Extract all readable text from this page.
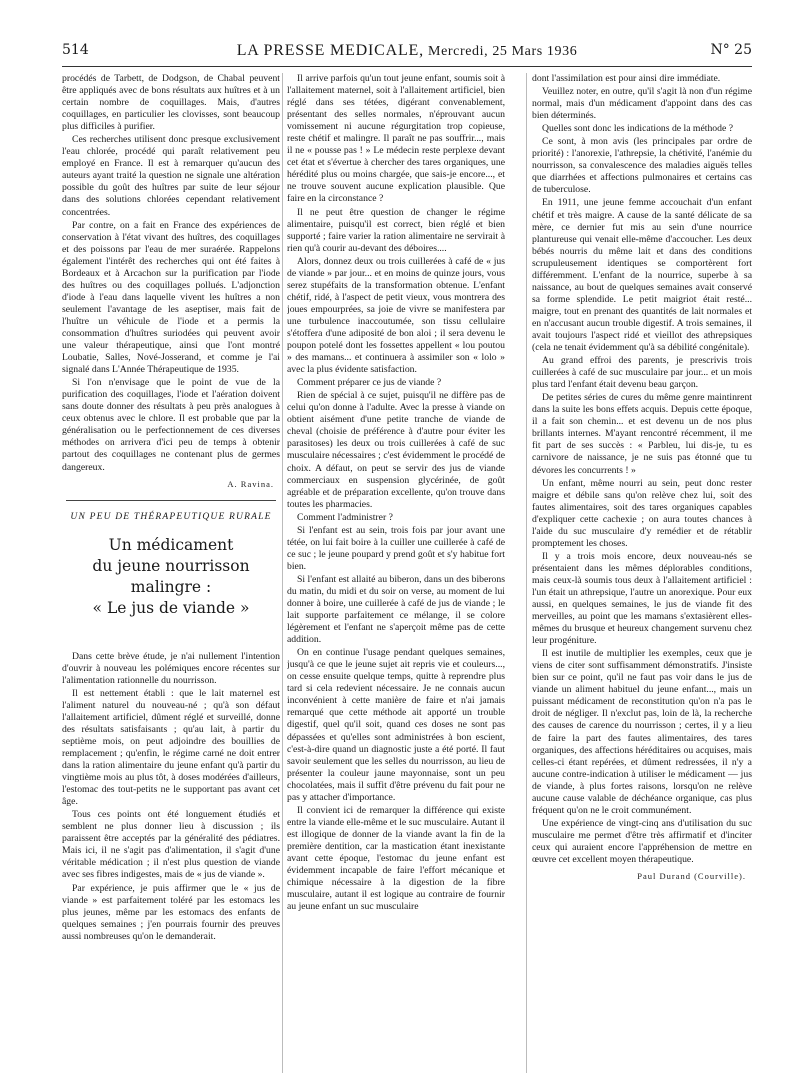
514	LA PRESSE MEDICALE, Mercredi, 25 Mars 1936	N° 25

procédés de Tarbett, de Dodgson, de Chabal peuvent être appliqués avec de bons résultats aux huîtres et à un certain nombre de coquillages. Mais, d'autres coquillages, en particulier les clovisses, sont beaucoup plus difficiles à purifier.

Ces recherches utilisent donc presque exclusivement l'eau chlorée, procédé qui paraît relativement peu employé en France. Il est à remarquer qu'aucun des auteurs ayant traité la question ne signale une altération possible du goût des huîtres par suite de leur séjour dans des solutions chlorées cependant relativement concentrées.

Par contre, on a fait en France des expériences de conservation à l'état vivant des huîtres, des coquillages et des poissons par l'eau de mer suraérée. Rappelons également l'intérêt des recherches qui ont été faites à Bordeaux et à Arcachon sur la purification par l'iode des huîtres ou des coquillages pollués. L'adjonction d'iode à l'eau dans laquelle vivent les huîtres a non seulement l'avantage de les aseptiser, mais fait de l'huître un véhicule de l'iode et a permis la consommation d'huîtres suriodées qui peuvent avoir une valeur thérapeutique, ainsi que l'ont montré Loubatie, Salles, Nové-Josserand, et comme je l'ai signalé dans L'Année Thérapeutique de 1935.

Si l'on n'envisage que le point de vue de la purification des coquillages, l'iode et l'aération doivent sans doute donner des résultats à peu près analogues à ceux obtenus avec le chlore. Il est probable que par la généralisation ou le perfectionnement de ces diverses méthodes on arrivera d'ici peu de temps à obtenir partout des coquillages ne contenant plus de germes dangereux.

A. Ravina.

UN PEU DE THÉRAPEUTIQUE RURALE
Un médicament
du jeune nourrisson malingre :
« Le jus de viande »

Dans cette brève étude, je n'ai nullement l'intention d'ouvrir à nouveau les polémiques encore récentes sur l'alimentation rationnelle du nourrisson.

Il est nettement établi : que le lait maternel est l'aliment naturel du nouveau-né ; qu'à son défaut l'allaitement artificiel, dûment réglé et surveillé, donne des résultats satisfaisants ; qu'au lait, à partir du septième mois, on peut adjoindre des bouillies de remplacement ; qu'enfin, le régime carné ne doit entrer dans la ration alimentaire du jeune enfant qu'à partir du vingtième mois au plus tôt, à doses modérées d'ailleurs, l'estomac des tout-petits ne le supportant pas avant cet âge.

Tous ces points ont été longuement étudiés et semblent ne plus donner lieu à discussion ; ils paraissent être acceptés par la généralité des pédiatres. Mais ici, il ne s'agit pas d'alimentation, il s'agit d'une véritable médication ; il n'est plus question de viande avec ses fibres indigestes, mais de « jus de viande ».

Par expérience, je puis affirmer que le « jus de viande » est parfaitement toléré par les estomacs les plus jeunes, même par les estomacs des enfants de quelques semaines ; j'en pourrais fournir des preuves aussi nombreuses qu'on le demanderait.

Il arrive parfois qu'un tout jeune enfant, soumis soit à l'allaitement maternel, soit à l'allaitement artificiel, bien réglé dans ses tétées, digérant convenablement, présentant des selles normales, n'éprouvant aucun vomissement ni aucune régurgitation trop copieuse, reste chétif et malingre. Il paraît ne pas souffrir..., mais il ne « pousse pas ! » Le médecin reste perplexe devant cet état et s'évertue à chercher des tares organiques, une hérédité plus ou moins chargée, que sais-je encore..., et ne trouve souvent aucune explication plausible. Que faire en la circonstance ?

Il ne peut être question de changer le régime alimentaire, puisqu'il est correct, bien réglé et bien supporté ; faire varier la ration alimentaire ne servirait à rien qu'à courir au-devant des déboires....

Alors, donnez deux ou trois cuillerées à café de « jus de viande » par jour... et en moins de quinze jours, vous serez stupéfaits de la transformation obtenue. L'enfant chétif, ridé, à l'aspect de petit vieux, vous montrera des joues empourprées, sa joie de vivre se manifestera par une turbulence inaccoutumée, son tissu cellulaire s'étoffera d'une adiposité de bon aloi ; il sera devenu le poupon potelé dont les fossettes appellent « lou poutou » des mamans... et continuera à assimiler son « lolo » avec la plus évidente satisfaction.

Comment préparer ce jus de viande ?

Rien de spécial à ce sujet, puisqu'il ne diffère pas de celui qu'on donne à l'adulte. Avec la presse à viande on obtient aisément d'une petite tranche de viande de cheval (choisie de préférence à d'autre pour éviter les parasitoses) les deux ou trois cuillerées à café de suc musculaire nécessaires ; c'est évidemment le procédé de choix. A défaut, on peut se servir des jus de viande commerciaux en suspension glycérinée, de goût agréable et de préparation excellente, qu'on trouve dans toutes les pharmacies.

Comment l'administrer ?

Si l'enfant est au sein, trois fois par jour avant une tétée, on lui fait boire à la cuiller une cuillerée à café de ce suc ; le jeune poupard y prend goût et s'y habitue fort bien.

Si l'enfant est allaité au biberon, dans un des biberons du matin, du midi et du soir on verse, au moment de lui donner à boire, une cuillerée à café de jus de viande ; le lait supporte parfaitement ce mélange, il se colore légèrement et l'enfant ne s'aperçoit même pas de cette addition.

On en continue l'usage pendant quelques semaines, jusqu'à ce que le jeune sujet ait repris vie et couleurs..., on cesse ensuite quelque temps, quitte à reprendre plus tard si cela redevient nécessaire. Je ne connais aucun inconvénient à cette manière de faire et n'ai jamais remarqué que cette méthode ait apporté un trouble digestif, quel qu'il soit, quand ces doses ne sont pas dépassées et qu'elles sont administrées à bon escient, c'est-à-dire quand un diagnostic juste a été porté. Il faut savoir seulement que les selles du nourrisson, au lieu de présenter la couleur jaune mayonnaise, sont un peu chocolatées, mais il suffit d'être prévenu du fait pour ne pas y attacher d'importance.

Il convient ici de remarquer la différence qui existe entre la viande elle-même et le suc musculaire. Autant il est illogique de donner de la viande avant la fin de la première dentition, car la mastication étant inexistante avant cette époque, l'estomac du jeune enfant est évidemment incapable de faire l'effort mécanique et chimique nécessaire à la digestion de la fibre musculaire, autant il est logique au contraire de fournir au jeune enfant un suc musculaire

dont l'assimilation est pour ainsi dire immédiate.

Veuillez noter, en outre, qu'il s'agit là non d'un régime normal, mais d'un médicament d'appoint dans des cas bien déterminés.

Quelles sont donc les indications de la méthode ?

Ce sont, à mon avis (les principales par ordre de priorité) : l'anorexie, l'athrepsie, la chétivité, l'anémie du nourrisson, sa convalescence des maladies aiguës telles que diarrhées et affections pulmonaires et certains cas de tuberculose.

En 1911, une jeune femme accouchait d'un enfant chétif et très maigre. A cause de la santé délicate de sa mère, ce dernier fut mis au sein d'une nourrice plantureuse qui venait elle-même d'accoucher. Les deux bébés nourris du même lait et dans des conditions scrupuleusement identiques se comportèrent fort différemment. L'enfant de la nourrice, superbe à sa naissance, au bout de quelques semaines avait conservé sa forme splendide. Le petit maigriot était resté... maigre, tout en prenant des quantités de lait normales et en n'accusant aucun trouble digestif. A trois semaines, il avait toujours l'aspect ridé et vieillot des athrepsiques (cela ne tenait évidemment qu'à sa débilité congénitale).

Au grand effroi des parents, je prescrivis trois cuillerées à café de suc musculaire par jour... et un mois plus tard l'enfant était devenu beau garçon.

De petites séries de cures du même genre maintinrent dans la suite les bons effets acquis. Depuis cette époque, il a fait son chemin... et est devenu un de nos plus brillants internes. M'ayant rencontré récemment, il me fit part de ses succès : « Parbleu, lui dis-je, tu es carnivore de naissance, je ne suis pas étonné que tu dévores les concurrents ! »

Un enfant, même nourri au sein, peut donc rester maigre et débile sans qu'on relève chez lui, soit des fautes alimentaires, soit des tares organiques capables d'expliquer cette cachexie ; on aura toutes chances à l'aide du suc musculaire d'y remédier et de rétablir promptement les choses.

Il y a trois mois encore, deux nouveau-nés se présentaient dans les mêmes déplorables conditions, mais ceux-là soumis tous deux à l'allaitement artificiel : l'un était un athrepsique, l'autre un anorexique. Pour eux aussi, en quelques semaines, le jus de viande fit des merveilles, au point que les mamans s'extasièrent elles-mêmes du brusque et heureux changement survenu chez leur progéniture.

Il est inutile de multiplier les exemples, ceux que je viens de citer sont suffisamment démonstratifs. J'insiste bien sur ce point, qu'il ne faut pas voir dans le jus de viande un aliment habituel du jeune enfant..., mais un puissant médicament de reconstitution qu'on n'a pas le droit de négliger. Il n'exclut pas, loin de là, la recherche des causes de carence du nourrisson ; certes, il y a lieu de faire la part des fautes alimentaires, des tares organiques, des affections héréditaires ou acquises, mais celles-ci étant repérées, et dûment redressées, il n'y a aucune contre-indication à utiliser le médicament — jus de viande, à plus fortes raisons, lorsqu'on ne relève aucune cause valable de déchéance organique, cas plus fréquent qu'on ne le croit communément.

Une expérience de vingt-cinq ans d'utilisation du suc musculaire me permet d'être très affirmatif et d'inciter ceux qui auraient encore l'appréhension de mettre en œuvre cet excellent moyen thérapeutique.

Paul Durand (Courville).
